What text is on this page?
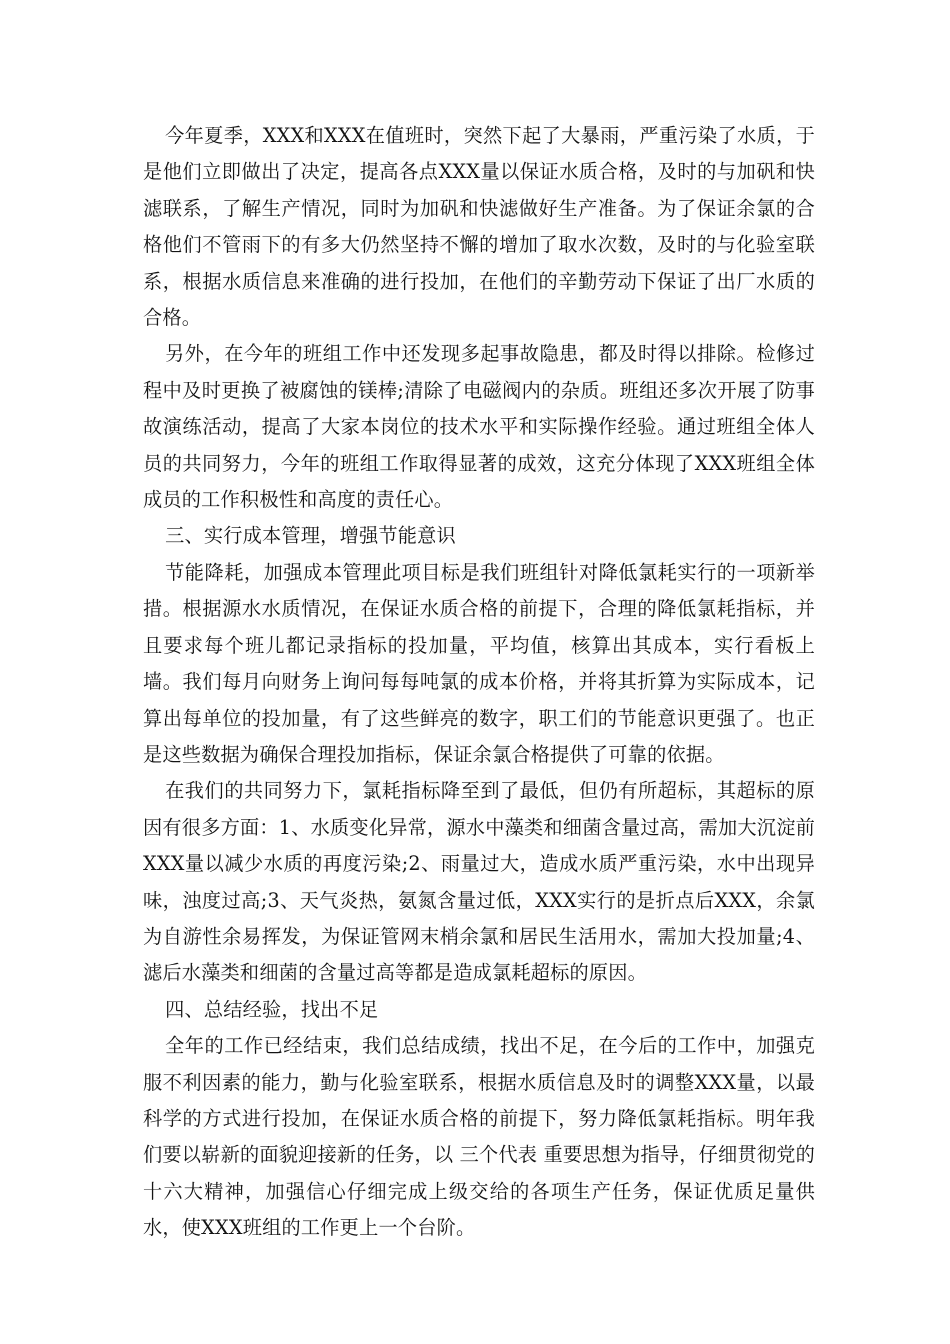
今年夏季，XXX和XXX在值班时，突然下起了大暴雨，严重污染了水质，于是他们立即做出了决定，提高各点XXX量以保证水质合格，及时的与加矾和快滤联系，了解生产情况，同时为加矾和快滤做好生产准备。为了保证余氯的合格他们不管雨下的有多大仍然坚持不懈的增加了取水次数，及时的与化验室联系，根据水质信息来准确的进行投加，在他们的辛勤劳动下保证了出厂水质的合格。

另外，在今年的班组工作中还发现多起事故隐患，都及时得以排除。检修过程中及时更换了被腐蚀的镁棒;清除了电磁阀内的杂质。班组还多次开展了防事故演练活动，提高了大家本岗位的技术水平和实际操作经验。通过班组全体人员的共同努力，今年的班组工作取得显著的成效，这充分体现了XXX班组全体成员的工作积极性和高度的责任心。

三、实行成本管理，增强节能意识

节能降耗，加强成本管理此项目标是我们班组针对降低氯耗实行的一项新举措。根据源水水质情况，在保证水质合格的前提下，合理的降低氯耗指标，并且要求每个班儿都记录指标的投加量，平均值，核算出其成本，实行看板上墙。我们每月向财务上询问每每吨氯的成本价格，并将其折算为实际成本，记算出每单位的投加量，有了这些鲜亮的数字，职工们的节能意识更强了。也正是这些数据为确保合理投加指标，保证余氯合格提供了可靠的依据。

在我们的共同努力下，氯耗指标降至到了最低，但仍有所超标，其超标的原因有很多方面：1、水质变化异常，源水中藻类和细菌含量过高，需加大沉淀前XXX量以减少水质的再度污染;2、雨量过大，造成水质严重污染，水中出现异味，浊度过高;3、天气炎热，氨氮含量过低，XXX实行的是折点后XXX，余氯为自游性余易挥发，为保证管网末梢余氯和居民生活用水，需加大投加量;4、滤后水藻类和细菌的含量过高等都是造成氯耗超标的原因。

四、总结经验，找出不足

全年的工作已经结束，我们总结成绩，找出不足，在今后的工作中，加强克服不利因素的能力，勤与化验室联系，根据水质信息及时的调整XXX量，以最科学的方式进行投加，在保证水质合格的前提下，努力降低氯耗指标。明年我们要以崭新的面貌迎接新的任务，以 三个代表 重要思想为指导，仔细贯彻党的十六大精神，加强信心仔细完成上级交给的各项生产任务，保证优质足量供水，使XXX班组的工作更上一个台阶。
